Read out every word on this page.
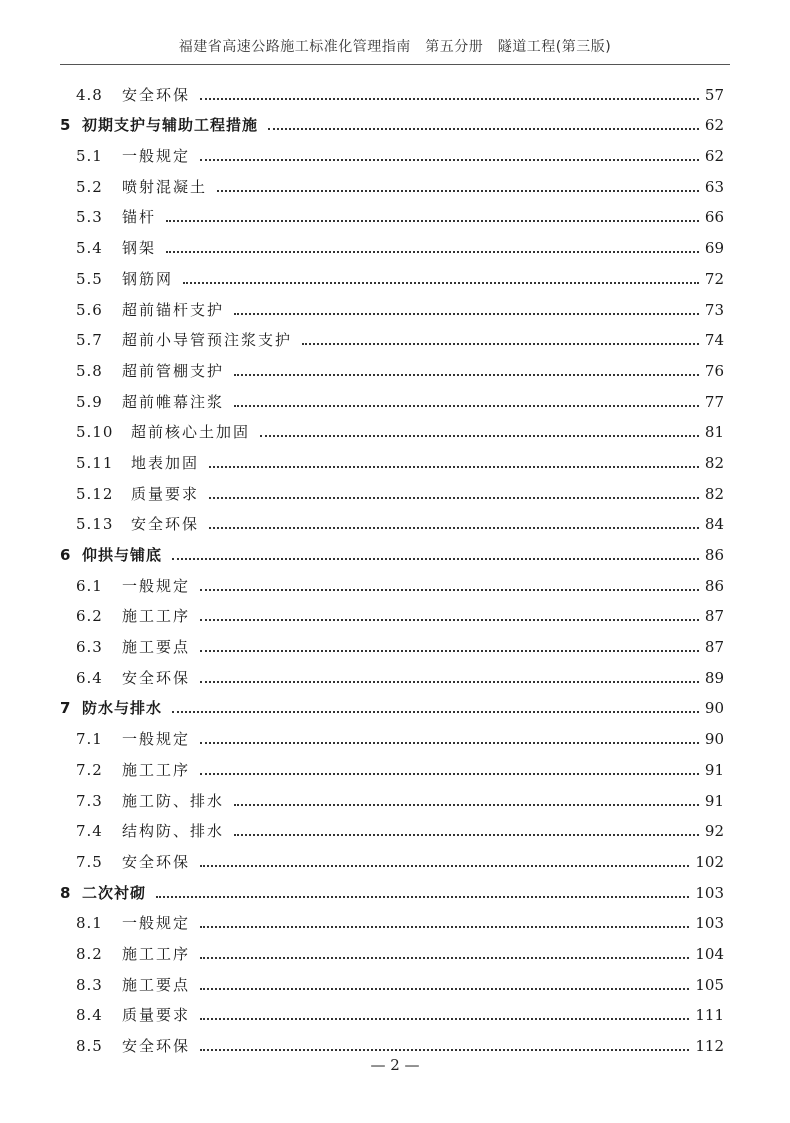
福建省高速公路施工标准化管理指南　第五分册　隧道工程(第三版)
4.8	安全环保	57
5 初期支护与辅助工程措施	62
5.1	一般规定	62
5.2	喷射混凝土	63
5.3	锚杆	66
5.4	钢架	69
5.5	钢筋网	72
5.6	超前锚杆支护	73
5.7	超前小导管预注浆支护	74
5.8	超前管棚支护	76
5.9	超前帷幕注浆	77
5.10	超前核心土加固	81
5.11	地表加固	82
5.12	质量要求	82
5.13	安全环保	84
6 仰拱与铺底	86
6.1	一般规定	86
6.2	施工工序	87
6.3	施工要点	87
6.4	安全环保	89
7 防水与排水	90
7.1	一般规定	90
7.2	施工工序	91
7.3	施工防、排水	91
7.4	结构防、排水	92
7.5	安全环保	102
8 二次衬砌	103
8.1	一般规定	103
8.2	施工工序	104
8.3	施工要点	105
8.4	质量要求	111
8.5	安全环保	112
— 2 —
